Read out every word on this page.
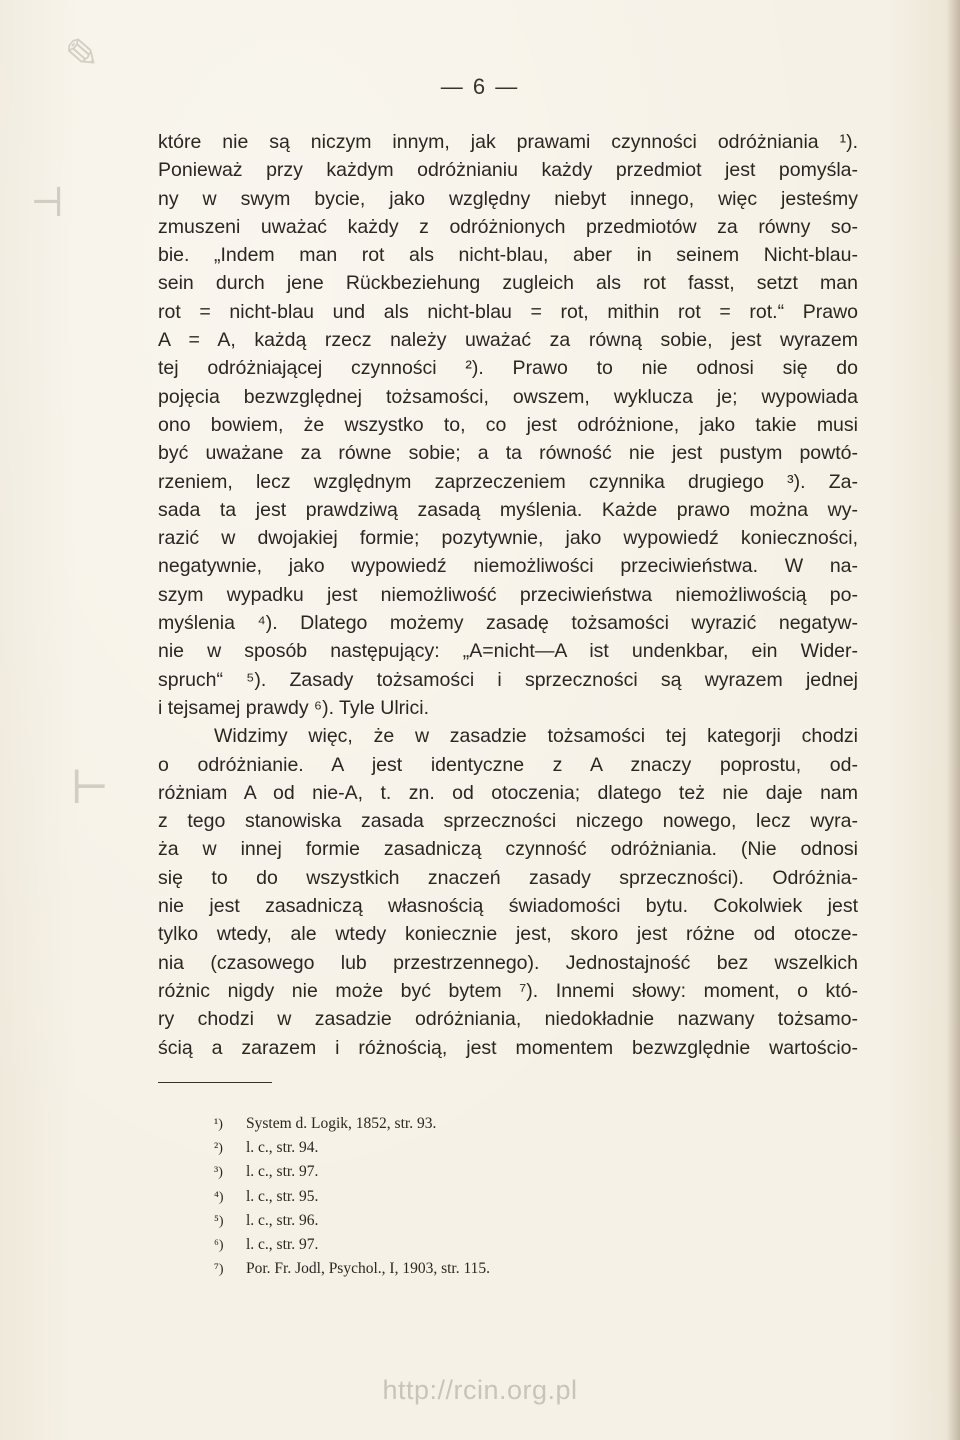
✎
⊣
⊢
— 6 —
które nie są niczym innym, jak prawami czynności odróżniania ¹).
Ponieważ przy każdym odróżnianiu każdy przedmiot jest pomyśla-
ny w swym bycie, jako względny niebyt innego, więc jesteśmy
zmuszeni uważać każdy z odróżnionych przedmiotów za równy so-
bie. „Indem man rot als nicht-blau, aber in seinem Nicht-blau-
sein durch jene Rückbeziehung zugleich als rot fasst, setzt man
rot = nicht-blau und als nicht-blau = rot, mithin rot = rot.“ Prawo
A = A, każdą rzecz należy uważać za równą sobie, jest wyrazem
tej odróżniającej czynności ²). Prawo to nie odnosi się do
pojęcia bezwzględnej tożsamości, owszem, wyklucza je; wypowiada
ono bowiem, że wszystko to, co jest odróżnione, jako takie musi
być uważane za równe sobie; a ta równość nie jest pustym powtó-
rzeniem, lecz względnym zaprzeczeniem czynnika drugiego ³). Za-
sada ta jest prawdziwą zasadą myślenia. Każde prawo można wy-
razić w dwojakiej formie; pozytywnie, jako wypowiedź konieczności,
negatywnie, jako wypowiedź niemożliwości przeciwieństwa. W na-
szym wypadku jest niemożliwość przeciwieństwa niemożliwością po-
myślenia ⁴). Dlatego możemy zasadę tożsamości wyrazić negatyw-
nie w sposób następujący: „A=nicht—A ist undenkbar, ein Wider-
spruch“ ⁵). Zasady tożsamości i sprzeczności są wyrazem jednej
i tejsamej prawdy ⁶). Tyle Ulrici.
Widzimy więc, że w zasadzie tożsamości tej kategorji chodzi
o odróżnianie. A jest identyczne z A znaczy poprostu, od-
różniam A od nie-A, t. zn. od otoczenia; dlatego też nie daje nam
z tego stanowiska zasada sprzeczności niczego nowego, lecz wyra-
ża w innej formie zasadniczą czynność odróżniania. (Nie odnosi
się to do wszystkich znaczeń zasady sprzeczności). Odróżnia-
nie jest zasadniczą własnością świadomości bytu. Cokolwiek jest
tylko wtedy, ale wtedy koniecznie jest, skoro jest różne od otocze-
nia (czasowego lub przestrzennego). Jednostajność bez wszelkich
różnic nigdy nie może być bytem ⁷). Innemi słowy: moment, o któ-
ry chodzi w zasadzie odróżniania, niedokładnie nazwany tożsamo-
ścią a zarazem i różnością, jest momentem bezwzględnie wartościo-
¹) System d. Logik, 1852, str. 93.
²) l. c., str. 94.
³) l. c., str. 97.
⁴) l. c., str. 95.
⁵) l. c., str. 96.
⁶) l. c., str. 97.
⁷) Por. Fr. Jodl, Psychol., I, 1903, str. 115.
http://rcin.org.pl
